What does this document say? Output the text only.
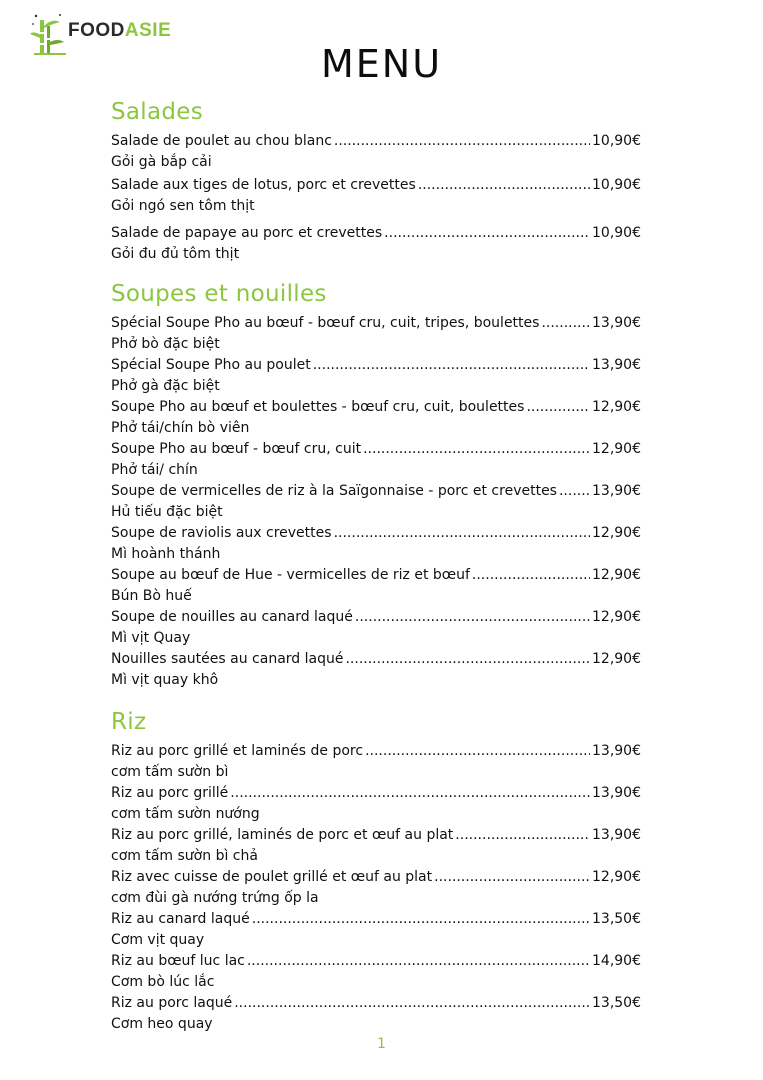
FOODASIE
MENU
Salades
Salade de poulet au chou blanc .....	10,90€
Gỏi gà bắp cải
Salade aux tiges de lotus, porc et crevettes .....	10,90€
Gỏi ngó sen tôm thịt
Salade de papaye au porc et crevettes .....	10,90€
Gỏi đu đủ tôm thịt
Soupes et nouilles
Spécial Soupe Pho au bœuf - bœuf cru, cuit, tripes, boulettes .....	13,90€
Phở bò đặc biệt
Spécial Soupe Pho au poulet .....	13,90€
Phở gà đặc biệt
Soupe Pho au bœuf et boulettes - bœuf cru, cuit, boulettes .....	12,90€
Phở tái/chín bò viên
Soupe Pho au bœuf - bœuf cru, cuit .....	12,90€
Phở tái/ chín
Soupe de vermicelles de riz à la Saïgonnaise - porc et crevettes .....	13,90€
Hủ tiếu đặc biệt
Soupe de raviolis aux crevettes .....	12,90€
Mì hoành thánh
Soupe au bœuf de Hue - vermicelles de riz et bœuf .....	12,90€
Bún Bò huế
Soupe de nouilles au canard laqué .....	12,90€
Mì vịt Quay
Nouilles sautées au canard laqué .....	12,90€
Mì vịt quay khô
Riz
Riz au porc grillé et laminés de porc .....	13,90€
cơm tấm sườn bì
Riz au porc grillé .....	13,90€
cơm tấm sườn nướng
Riz au porc grillé, laminés de porc et œuf au plat .....	13,90€
cơm tấm sườn bì chả
Riz avec cuisse de poulet grillé et œuf au plat .....	12,90€
cơm đùi gà nướng trứng ốp la
Riz au canard laqué .....	13,50€
Cơm vịt quay
Riz au bœuf luc lac .....	14,90€
Cơm bò lúc lắc
Riz au porc laqué .....	13,50€
Cơm heo quay
1
